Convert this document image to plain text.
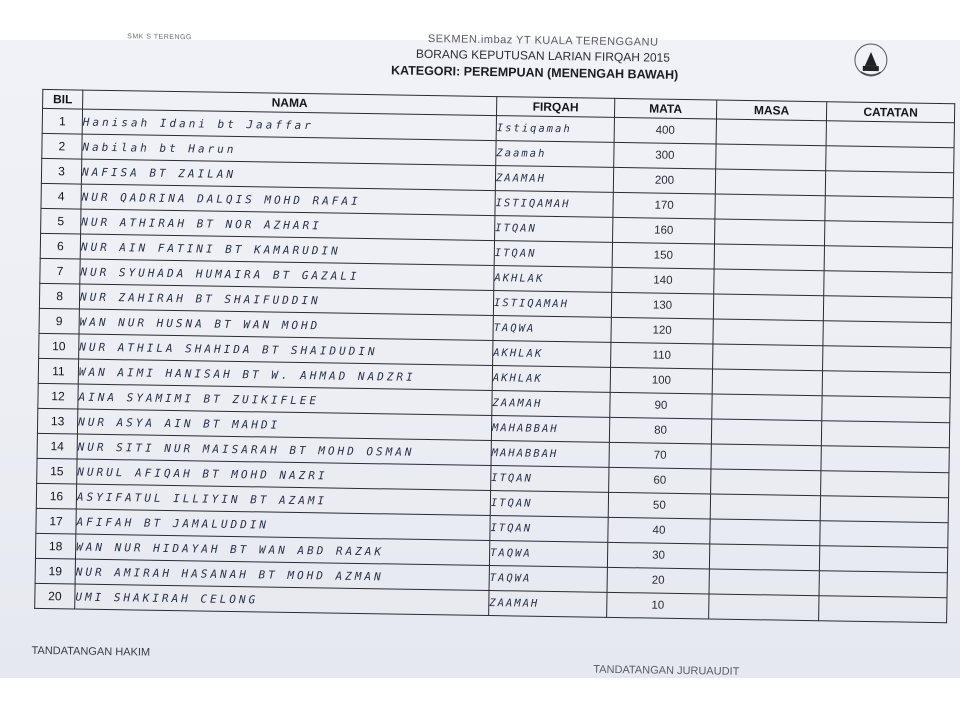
SMK S TERENGG	SEKMEN.imbaz YT KUALA TERENGGANU
BORANG KEPUTUSAN LARIAN FIRQAH 2015
KATEGORI: PEREMPUAN (MENENGAH BAWAH)
BIL	NAMA	FIRQAH	MATA	MASA	CATATAN
1	Hanisah Idani bt Jaaffar	Istiqamah	400		
2	Nabilah bt Harun	Zaamah	300		
3	NAFISA BT ZAILAN	ZAAMAH	200		
4	NUR QADRINA DALQIS MOHD RAFAI	ISTIQAMAH	170		
5	NUR ATHIRAH BT NOR AZHARI	ITQAN	160		
6	NUR AIN FATINI BT KAMARUDIN	ITQAN	150		
7	NUR SYUHADA HUMAIRA BT GAZALI	AKHLAK	140		
8	NUR ZAHIRAH BT SHAIFUDDIN	ISTIQAMAH	130		
9	WAN NUR HUSNA BT WAN MOHD	TAQWA	120		
10	NUR ATHILA SHAHIDA BT SHAIDUDIN	AKHLAK	110		
11	WAN AIMI HANISAH BT W. AHMAD NADZRI	AKHLAK	100		
12	AINA SYAMIMI BT ZUIKIFLEE	ZAAMAH	90		
13	NUR ASYA AIN BT MAHDI	MAHABBAH	80		
14	NUR SITI NUR MAISARAH BT MOHD OSMAN	MAHABBAH	70		
15	NURUL AFIQAH BT MOHD NAZRI	ITQAN	60		
16	ASYIFATUL ILLIYIN BT AZAMI	ITQAN	50		
17	AFIFAH BT JAMALUDDIN	ITQAN	40		
18	WAN NUR HIDAYAH BT WAN ABD RAZAK	TAQWA	30		
19	NUR AMIRAH HASANAH BT MOHD AZMAN	TAQWA	20		
20	UMI SHAKIRAH CELONG	ZAAMAH	10		
TANDATANGAN HAKIM
TANDATANGAN JURUAUDIT
